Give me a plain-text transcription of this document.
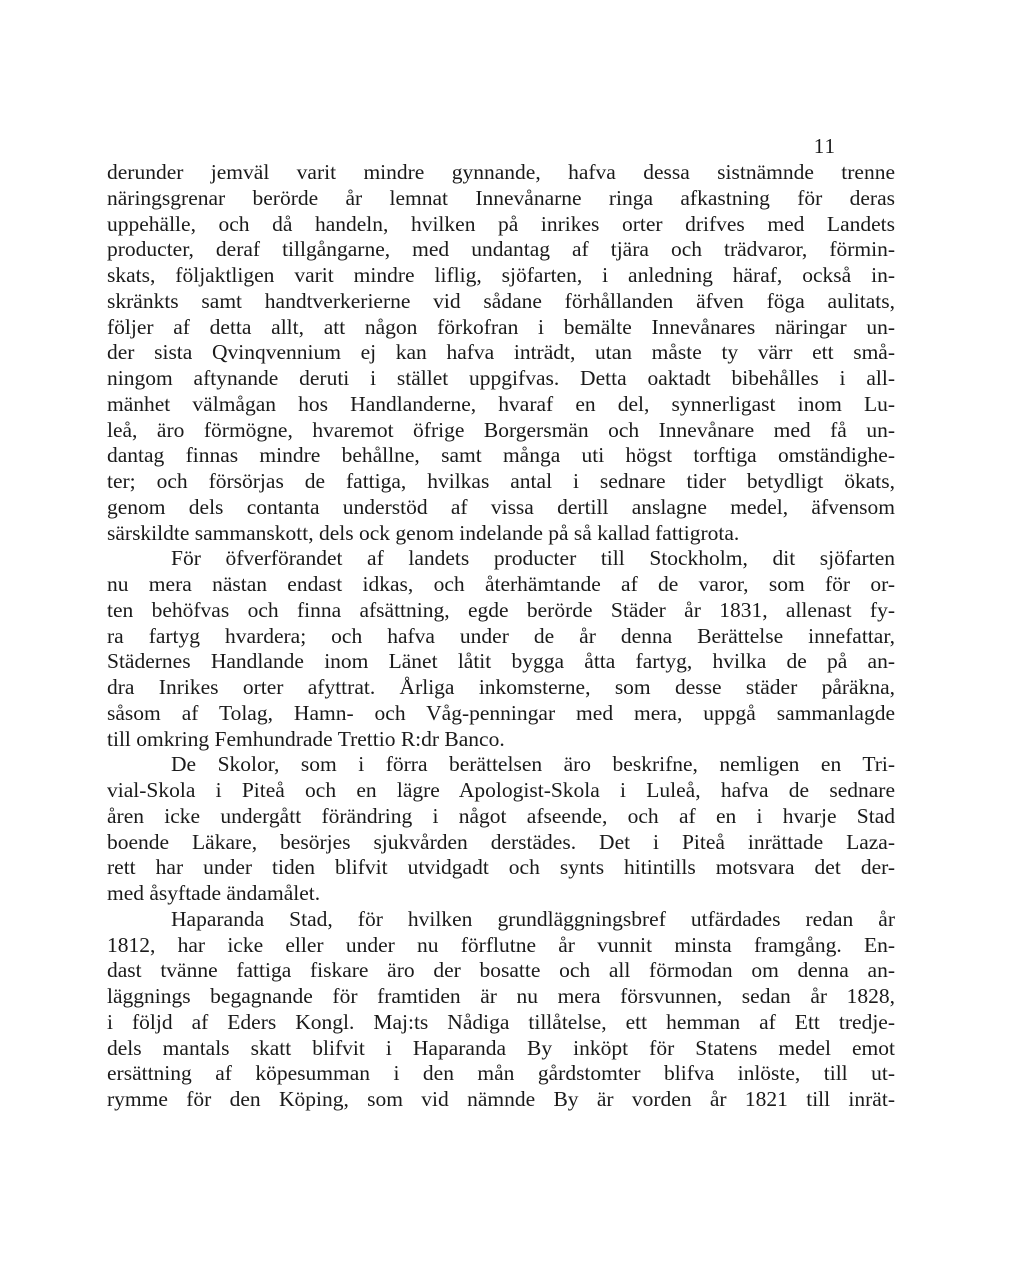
11
derunder jemväl varit mindre gynnande, hafva dessa sistnämnde trenne
näringsgrenar berörde år lemnat Innevånarne ringa afkastning för deras
uppehälle, och då handeln, hvilken på inrikes orter drifves med Landets
producter, deraf tillgångarne, med undantag af tjära och trädvaror, förmin-
skats, följaktligen varit mindre liflig, sjöfarten, i anledning häraf, också in-
skränkts samt handtverkerierne vid sådane förhållanden äfven föga aulitats,
följer af detta allt, att någon förkofran i bemälte Innevånares näringar un-
der sista Qvinqvennium ej kan hafva inträdt, utan måste ty värr ett små-
ningom aftynande deruti i stället uppgifvas. Detta oaktadt bibehålles i all-
mänhet välmågan hos Handlanderne, hvaraf en del, synnerligast inom Lu-
leå, äro förmögne, hvaremot öfrige Borgersmän och Innevånare med få un-
dantag finnas mindre behållne, samt många uti högst torftiga omständighe-
ter; och försörjas de fattiga, hvilkas antal i sednare tider betydligt ökats,
genom dels contanta understöd af vissa dertill anslagne medel, äfvensom
särskildte sammanskott, dels ock genom indelande på så kallad fattigrota.
För öfverförandet af landets producter till Stockholm, dit sjöfarten
nu mera nästan endast idkas, och återhämtande af de varor, som för or-
ten behöfvas och finna afsättning, egde berörde Städer år 1831, allenast fy-
ra fartyg hvardera; och hafva under de år denna Berättelse innefattar,
Städernes Handlande inom Länet låtit bygga åtta fartyg, hvilka de på an-
dra Inrikes orter afyttrat. Årliga inkomsterne, som desse städer påräkna,
såsom af Tolag, Hamn- och Våg-penningar med mera, uppgå sammanlagde
till omkring Femhundrade Trettio R:dr Banco.
De Skolor, som i förra berättelsen äro beskrifne, nemligen en Tri-
vial-Skola i Piteå och en lägre Apologist-Skola i Luleå, hafva de sednare
åren icke undergått förändring i något afseende, och af en i hvarje Stad
boende Läkare, besörjes sjukvården derstädes. Det i Piteå inrättade Laza-
rett har under tiden blifvit utvidgadt och synts hitintills motsvara det der-
med åsyftade ändamålet.
Haparanda Stad, för hvilken grundläggningsbref utfärdades redan år
1812, har icke eller under nu förflutne år vunnit minsta framgång. En-
dast tvänne fattiga fiskare äro der bosatte och all förmodan om denna an-
läggnings begagnande för framtiden är nu mera försvunnen, sedan år 1828,
i följd af Eders Kongl. Maj:ts Nådiga tillåtelse, ett hemman af Ett tredje-
dels mantals skatt blifvit i Haparanda By inköpt för Statens medel emot
ersättning af köpesumman i den mån gårdstomter blifva inlöste, till ut-
rymme för den Köping, som vid nämnde By är vorden år 1821 till inrät-
